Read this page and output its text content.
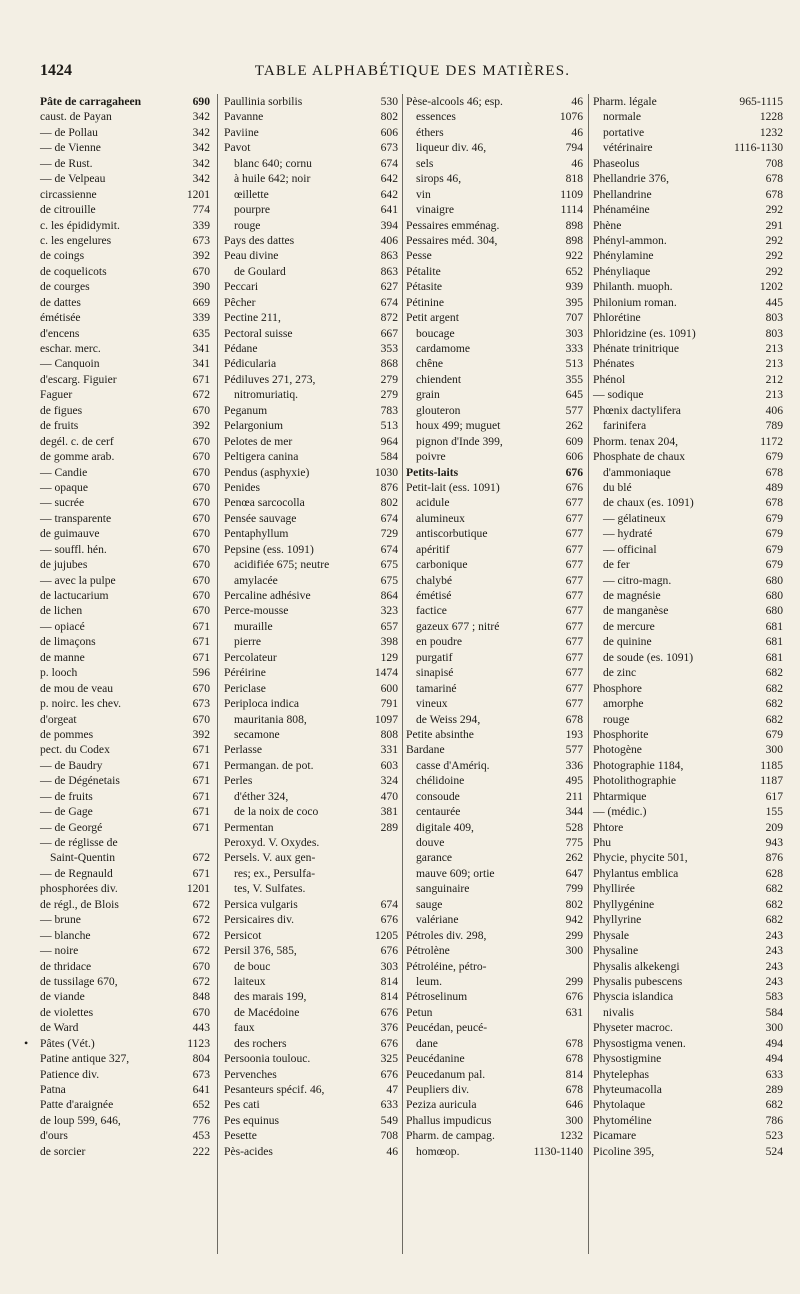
1424	TABLE ALPHABÉTIQUE DES MATIÈRES.
Pâte de carragaheen	690
caust. de Payan	342
— de Pollau	342
— de Vienne	342
— de Rust.	342
— de Velpeau	342
circassienne	1201
de citrouille	774
c. les épididymit.	339
c. les engelures	673
de coings	392
de coquelicots	670
de courges	390
de dattes	669
émétisée	339
d'encens	635
eschar. merc.	341
— Canquoin	341
d'escarg. Figuier	671
Faguer	672
de figues	670
de fruits	392
degél. c. de cerf	670
de gomme arab.	670
— Candie	670
— opaque	670
— sucrée	670
— transparente	670
de guimauve	670
— souffl. hén.	670
de jujubes	670
— avec la pulpe	670
de lactucarium	670
de lichen	670
— opiacé	671
de limaçons	671
de manne	671
p. looch	596
de mou de veau	670
p. noirc. les chev.	673
d'orgeat	670
de pommes	392
pect. du Codex	671
— de Baudry	671
— de Dégénetais	671
— de fruits	671
— de Gage	671
— de Georgé	671
— de réglisse de
Saint-Quentin	672
— de Regnauld	671
phosphorées div.	1201
de régl., de Blois	672
— brune	672
— blanche	672
— noire	672
de thridace	670
de tussilage 670,	672
de viande	848
de violettes	670
de Ward	443
• Pâtes (Vét.)	1123
Patine antique 327,	804
Patience div.	673
Patna	641
Patte d'araignée	652
de loup 599, 646,	776
d'ours	453
de sorcier	222
Paullinia sorbilis	530
Pavanne	802
Paviine	606
Pavot	673
blanc 640; cornu	674
à huile 642; noir	642
œillette	642
pourpre	641
rouge	394
Pays des dattes	406
Peau divine	863
de Goulard	863
Peccari	627
Pêcher	674
Pectine 211,	872
Pectoral suisse	667
Pédane	353
Pédicularia	868
Pédiluves 271, 273,	279
nitromuriatiq.	279
Peganum	783
Pelargonium	513
Pelotes de mer	964
Peltigera canina	584
Pendus (asphyxie)	1030
Penides	876
Penœa sarcocolla	802
Pensée sauvage	674
Pentaphyllum	729
Pepsine (ess. 1091)	674
acidifiée 675; neutre	675
amylacée	675
Percaline adhésive	864
Perce-mousse	323
muraille	657
pierre	398
Percolateur	129
Péréirine	1474
Periclase	600
Periploca indica	791
mauritania 808,	1097
secamone	808
Perlasse	331
Permangan. de pot.	603
Perles	324
d'éther 324,	470
de la noix de coco	381
Permentan	289
Peroxyd. V. Oxydes.
Persels. V. aux gen-
res; ex., Persulfa-
tes, V. Sulfates.
Persica vulgaris	674
Persicaires div.	676
Persicot	1205
Persil 376, 585,	676
de bouc	303
laiteux	814
des marais 199,	814
de Macédoine	676
faux	376
des rochers	676
Persoonia toulouc.	325
Pervenches	676
Pesanteurs spécif. 46,	47
Pes cati	633
Pes equinus	549
Pesette	708
Pès-acides	46
Pèse-alcools 46; esp.	46
essences	1076
éthers	46
liqueur div. 46,	794
sels	46
sirops 46,	818
vin	1109
vinaigre	1114
Pessaires emménag.	898
Pessaires méd. 304,	898
Pesse	922
Pétalite	652
Pétasite	939
Pétinine	395
Petit argent	707
boucage	303
cardamome	333
chêne	513
chiendent	355
grain	645
glouteron	577
houx 499; muguet	262
pignon d'Inde 399,	609
poivre	606
Petits-laits	676
Petit-lait (ess. 1091)	676
acidule	677
alumineux	677
antiscorbutique	677
apéritif	677
carbonique	677
chalybé	677
émétisé	677
factice	677
gazeux 677 ; nitré	677
en poudre	677
purgatif	677
sinapisé	677
tamariné	677
vineux	677
de Weiss 294,	678
Petite absinthe	193
Bardane	577
casse d'Amériq.	336
chélidoine	495
consoude	211
centaurée	344
digitale 409,	528
douve	775
garance	262
mauve 609; ortie	647
sanguinaire	799
sauge	802
valériane	942
Pétroles div. 298,	299
Pétrolène	300
Pétroléine, pétro-
leum.	299
Pétroselinum	676
Petun	631
Peucédan, peucé-
dane	678
Peucédanine	678
Peucedanum pal.	814
Peupliers div.	678
Peziza auricula	646
Phallus impudicus	300
Pharm. de campag.	1232
homœop.	1130-1140
Pharm. légale	965-1115
normale	1228
portative	1232
vétérinaire	1116-1130
Phaseolus	708
Phellandrie 376,	678
Phellandrine	678
Phénaméine	292
Phène	291
Phényl-ammon.	292
Phénylamine	292
Phényliaque	292
Philanth. muoph.	1202
Philonium roman.	445
Phlorétine	803
Phloridzine (es. 1091)	803
Phénate trinitrique	213
Phénates	213
Phénol	212
— sodique	213
Phœnix dactylifera	406
farinifera	789
Phorm. tenax 204,	1172
Phosphate de chaux	679
d'ammoniaque	678
du blé	489
de chaux (es. 1091)	678
— gélatineux	679
— hydraté	679
— officinal	679
de fer	679
— citro-magn.	680
de magnésie	680
de manganèse	680
de mercure	681
de quinine	681
de soude (es. 1091)	681
de zinc	682
Phosphore	682
amorphe	682
rouge	682
Phosphorite	679
Photogène	300
Photographie 1184,	1185
Photolithographie	1187
Phtarmique	617
— (médic.)	155
Phtore	209
Phu	943
Phycie, phycite 501,	876
Phylantus emblica	628
Phyllirée	682
Phyllygénine	682
Phyllyrine	682
Physale	243
Physaline	243
Physalis alkekengi	243
Physalis pubescens	243
Physcia islandica	583
nivalis	584
Physeter macroc.	300
Physostigma venen.	494
Physostigmine	494
Phytelephas	633
Phyteumacolla	289
Phytolaque	682
Phytoméline	786
Picamare	523
Picoline 395,	524
